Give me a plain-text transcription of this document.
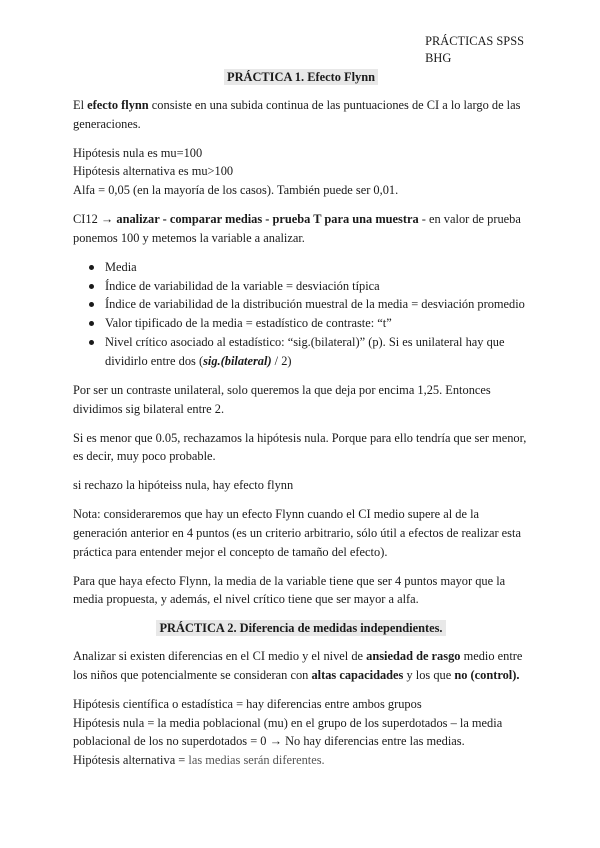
PRÁCTICAS SPSS
BHG
PRÁCTICA 1. Efecto Flynn

El efecto flynn consiste en una subida continua de las puntuaciones de CI a lo largo de las generaciones.

Hipótesis nula es mu=100

Hipótesis alternativa es mu>100

Alfa = 0,05 (en la mayoría de los casos). También puede ser 0,01.

CI12 → analizar - comparar medias - prueba T para una muestra - en valor de prueba ponemos 100 y metemos la variable a analizar.

Media
Índice de variabilidad de la variable = desviación típica
Índice de variabilidad de la distribución muestral de la media = desviación promedio
Valor tipificado de la media = estadístico de contraste: “t”
Nivel crítico asociado al estadístico: “sig.(bilateral)” (p). Si es unilateral hay que dividirlo entre dos (sig.(bilateral) / 2)

Por ser un contraste unilateral, solo queremos la que deja por encima 1,25. Entonces dividimos sig bilateral entre 2.

Si es menor que 0.05, rechazamos la hipótesis nula. Porque para ello tendría que ser menor, es decir, muy poco probable.

si rechazo la hipóteiss nula, hay efecto flynn

Nota: consideraremos que hay un efecto Flynn cuando el CI medio supere al de la generación anterior en 4 puntos (es un criterio arbitrario, sólo útil a efectos de realizar esta práctica para entender mejor el concepto de tamaño del efecto).

Para que haya efecto Flynn, la media de la variable tiene que ser 4 puntos mayor que la media propuesta, y además, el nivel crítico tiene que ser mayor a alfa.

PRÁCTICA 2. Diferencia de medidas independientes.

Analizar si existen diferencias en el CI medio y el nivel de ansiedad de rasgo medio entre los niños que potencialmente se consideran con altas capacidades y los que no (control).

Hipótesis científica o estadística = hay diferencias entre ambos grupos

Hipótesis nula = la media poblacional (mu) en el grupo de los superdotados – la media poblacional de los no superdotados = 0 → No hay diferencias entre las medias.

Hipótesis alternativa = las medias serán diferentes.
